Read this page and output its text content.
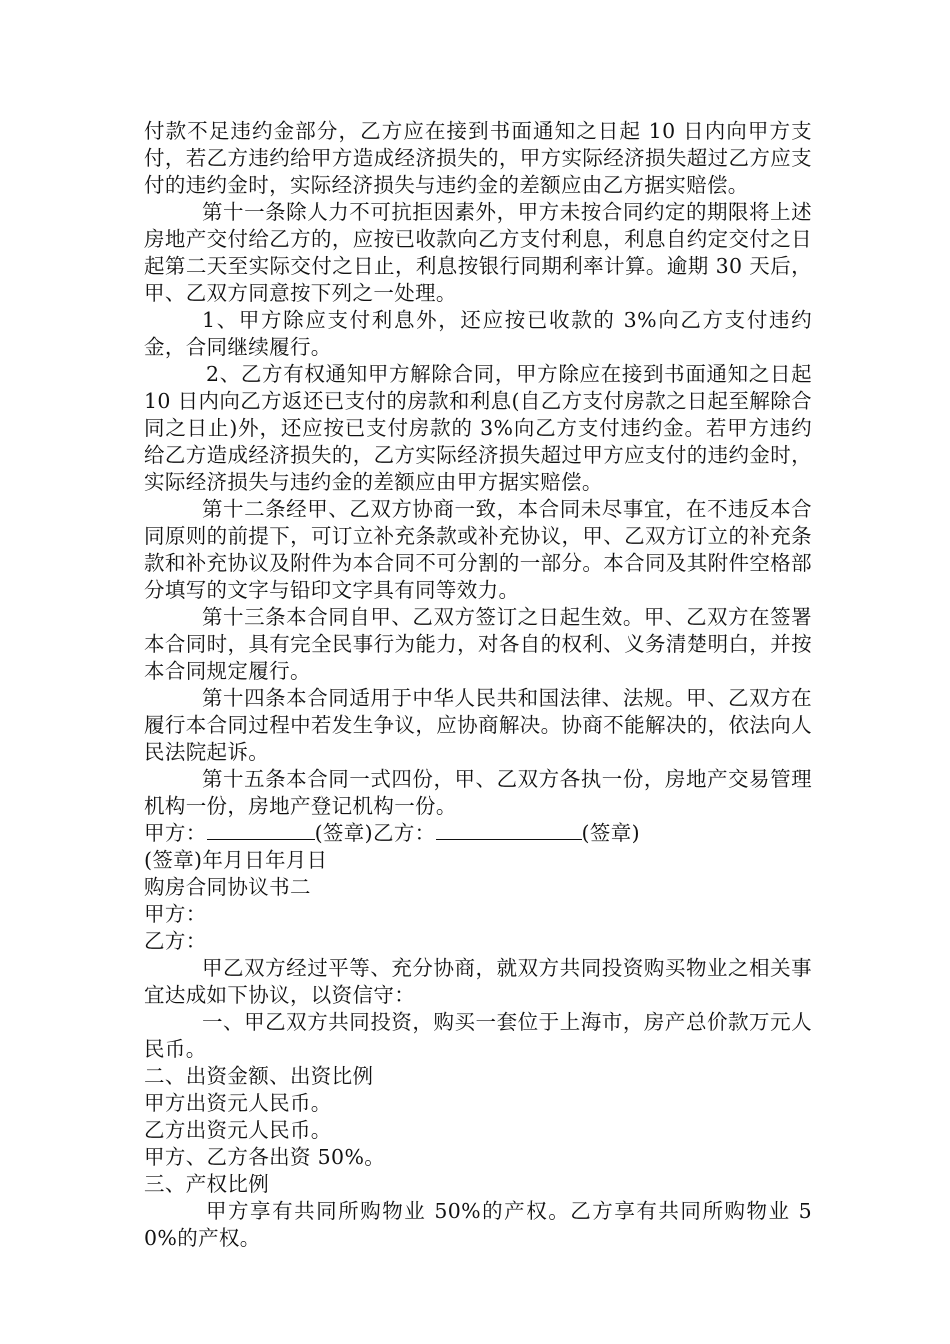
付款不足违约金部分，乙方应在接到书面通知之日起 10 日内向甲方支付，若乙方违约给甲方造成经济损失的，甲方实际经济损失超过乙方应支付的违约金时，实际经济损失与违约金的差额应由乙方据实赔偿。

第十一条除人力不可抗拒因素外，甲方未按合同约定的期限将上述房地产交付给乙方的，应按已收款向乙方支付利息，利息自约定交付之日起第二天至实际交付之日止，利息按银行同期利率计算。逾期 30 天后，甲、乙双方同意按下列之一处理。

1、甲方除应支付利息外，还应按已收款的 3%向乙方支付违约金，合同继续履行。

2、乙方有权通知甲方解除合同，甲方除应在接到书面通知之日起 10 日内向乙方返还已支付的房款和利息(自乙方支付房款之日起至解除合同之日止)外，还应按已支付房款的 3%向乙方支付违约金。若甲方违约给乙方造成经济损失的，乙方实际经济损失超过甲方应支付的违约金时，实际经济损失与违约金的差额应由甲方据实赔偿。

第十二条经甲、乙双方协商一致，本合同未尽事宜，在不违反本合同原则的前提下，可订立补充条款或补充协议，甲、乙双方订立的补充条款和补充协议及附件为本合同不可分割的一部分。本合同及其附件空格部分填写的文字与铅印文字具有同等效力。

第十三条本合同自甲、乙双方签订之日起生效。甲、乙双方在签署本合同时，具有完全民事行为能力，对各自的权利、义务清楚明白，并按本合同规定履行。

第十四条本合同适用于中华人民共和国法律、法规。甲、乙双方在履行本合同过程中若发生争议，应协商解决。协商不能解决的，依法向人民法院起诉。

第十五条本合同一式四份，甲、乙双方各执一份，房地产交易管理机构一份，房地产登记机构一份。

甲方：	(签章)乙方：	(签章)

(签章)年月日年月日

购房合同协议书二

甲方：

乙方：

甲乙双方经过平等、充分协商，就双方共同投资购买物业之相关事宜达成如下协议，以资信守：

一、甲乙双方共同投资，购买一套位于上海市，房产总价款万元人民币。

二、出资金额、出资比例

甲方出资元人民币。

乙方出资元人民币。

甲方、乙方各出资 50%。

三、产权比例

甲方享有共同所购物业 50%的产权。乙方享有共同所购物业 50%的产权。
